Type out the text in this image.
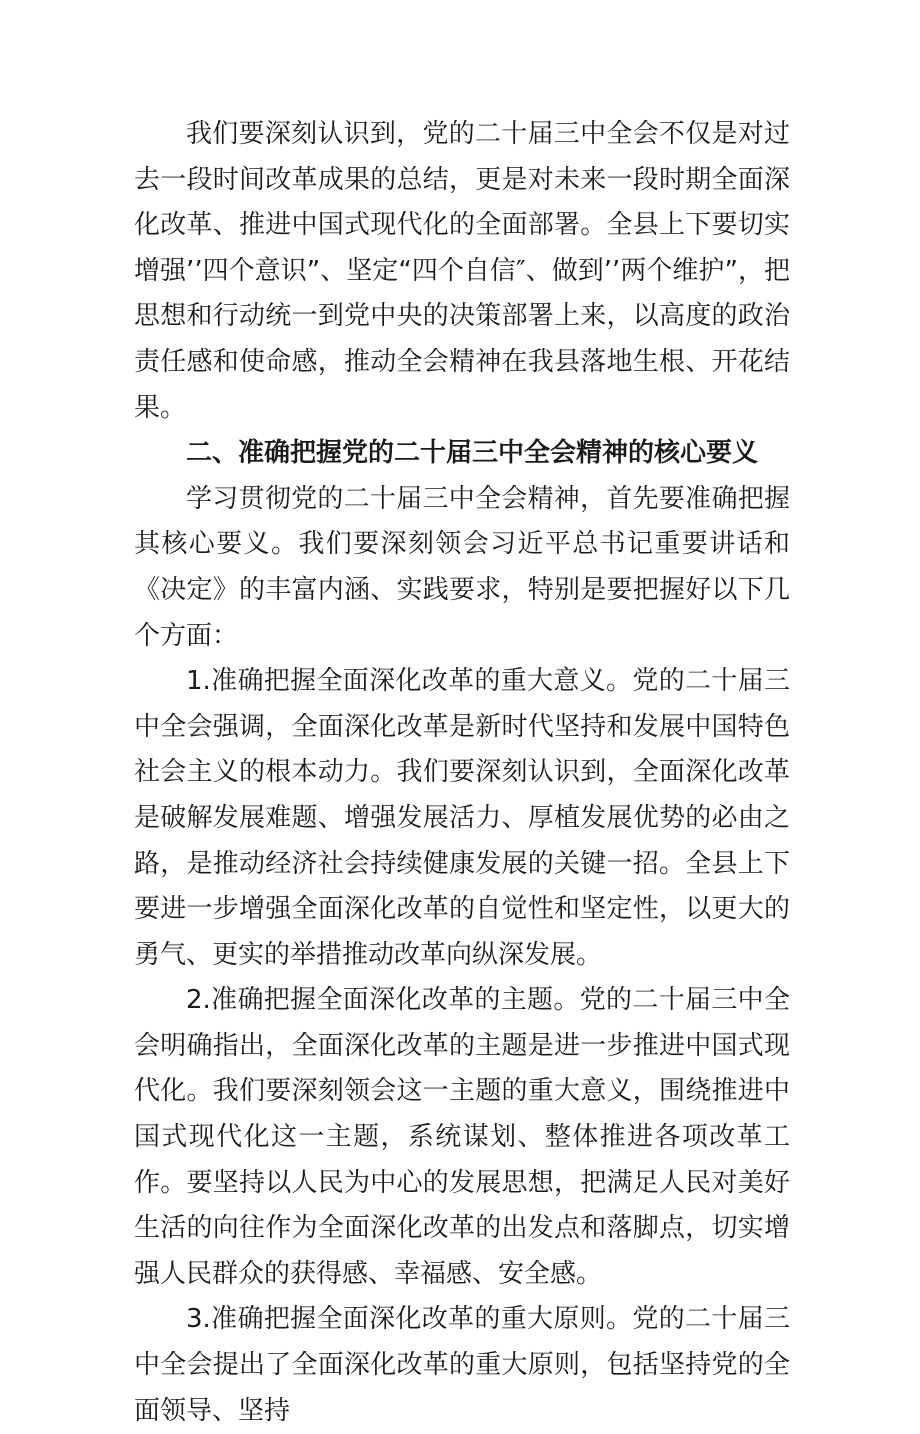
我们要深刻认识到，党的二十届三中全会不仅是对过去一段时间改革成果的总结，更是对未来一段时期全面深化改革、推进中国式现代化的全面部署。全县上下要切实增强’’四个意识”、坚定“四个自信″、做到’’两个维护”，把思想和行动统一到党中央的决策部署上来，以高度的政治责任感和使命感，推动全会精神在我县落地生根、开花结果。

二、准确把握党的二十届三中全会精神的核心要义

学习贯彻党的二十届三中全会精神，首先要准确把握其核心要义。我们要深刻领会习近平总书记重要讲话和《决定》的丰富内涵、实践要求，特别是要把握好以下几个方面：

1.准确把握全面深化改革的重大意义。党的二十届三中全会强调，全面深化改革是新时代坚持和发展中国特色社会主义的根本动力。我们要深刻认识到，全面深化改革是破解发展难题、增强发展活力、厚植发展优势的必由之路，是推动经济社会持续健康发展的关键一招。全县上下要进一步增强全面深化改革的自觉性和坚定性，以更大的勇气、更实的举措推动改革向纵深发展。

2.准确把握全面深化改革的主题。党的二十届三中全会明确指出，全面深化改革的主题是进一步推进中国式现代化。我们要深刻领会这一主题的重大意义，围绕推进中国式现代化这一主题，系统谋划、整体推进各项改革工作。要坚持以人民为中心的发展思想，把满足人民对美好生活的向往作为全面深化改革的出发点和落脚点，切实增强人民群众的获得感、幸福感、安全感。

3.准确把握全面深化改革的重大原则。党的二十届三中全会提出了全面深化改革的重大原则，包括坚持党的全面领导、坚持
